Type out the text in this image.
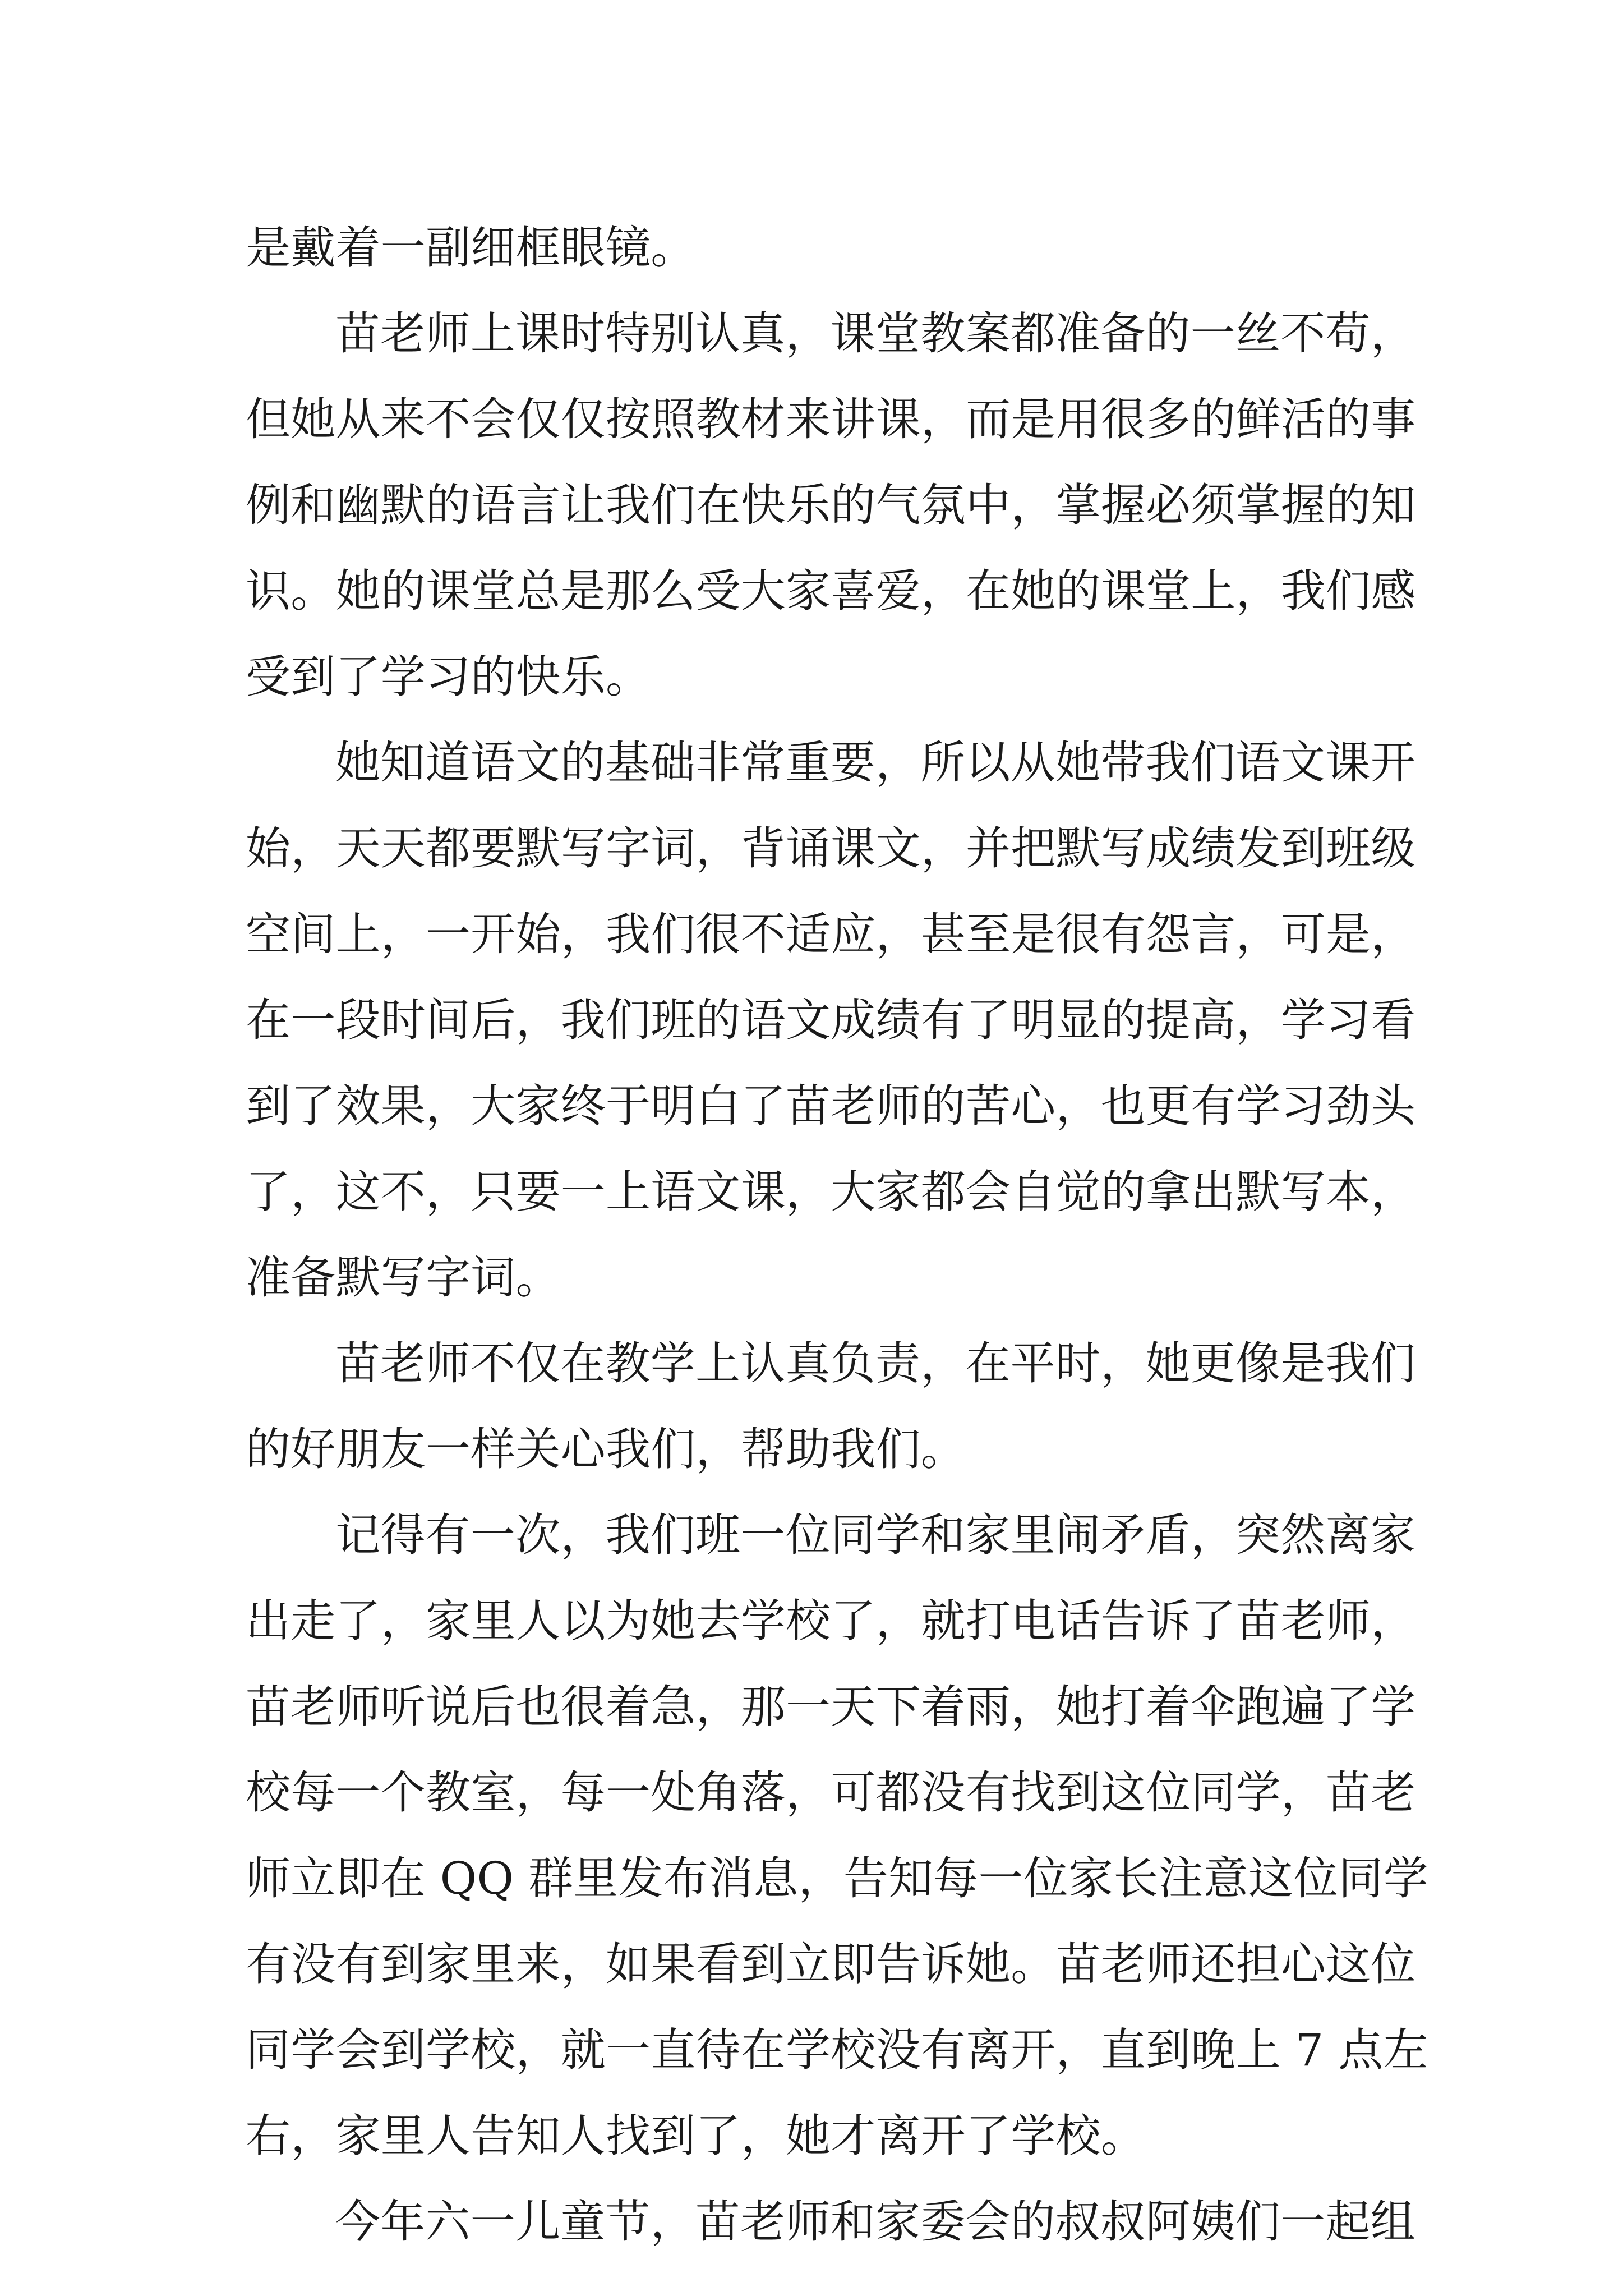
是戴着一副细框眼镜。
苗老师上课时特别认真，课堂教案都准备的一丝不苟，
但她从来不会仅仅按照教材来讲课，而是用很多的鲜活的事
例和幽默的语言让我们在快乐的气氛中，掌握必须掌握的知
识。她的课堂总是那么受大家喜爱，在她的课堂上，我们感
受到了学习的快乐。
她知道语文的基础非常重要，所以从她带我们语文课开
始，天天都要默写字词，背诵课文，并把默写成绩发到班级
空间上，一开始，我们很不适应，甚至是很有怨言，可是，
在一段时间后，我们班的语文成绩有了明显的提高，学习看
到了效果，大家终于明白了苗老师的苦心，也更有学习劲头
了，这不，只要一上语文课，大家都会自觉的拿出默写本，
准备默写字词。
苗老师不仅在教学上认真负责，在平时，她更像是我们
的好朋友一样关心我们，帮助我们。
记得有一次，我们班一位同学和家里闹矛盾，突然离家
出走了，家里人以为她去学校了，就打电话告诉了苗老师，
苗老师听说后也很着急，那一天下着雨，她打着伞跑遍了学
校每一个教室，每一处角落，可都没有找到这位同学，苗老
师立即在 QQ 群里发布消息，告知每一位家长注意这位同学
有没有到家里来，如果看到立即告诉她。苗老师还担心这位
同学会到学校，就一直待在学校没有离开，直到晚上 7 点左
右，家里人告知人找到了，她才离开了学校。
今年六一儿童节，苗老师和家委会的叔叔阿姨们一起组
